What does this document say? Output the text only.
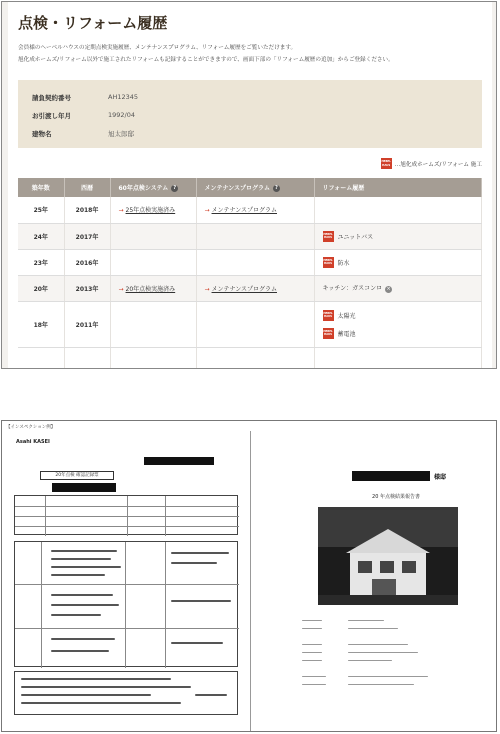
点検・リフォーム履歴
会員様のヘーベルハウスの定期点検実施履歴、メンテナンスプログラム、リフォーム履歴をご覧いただけます。
旭化成ホームズ/リフォーム以外で施工されたリフォームも記録することができますので、画面下部の「リフォーム履歴の追加」からご登録ください。
請負契約番号	AH12345
お引渡し年月	1992/04
建物名	旭太郎邸
HEBEL HAUS …旭化成ホームズ/リフォーム 施工
築年数	西暦	60年点検システム ?	メンテナンスプログラム ?	リフォーム履歴
25年	2018年	→ 25年点検実施済み	→ メンテナンスプログラム	
24年	2017年			HEBEL HAUS ユニットバス

23年	2016年			HEBEL HAUS 防水

20年	2013年	→ 20年点検実施済み	→ メンテナンスプログラム	キッチン：ガスコンロ ×
18年	2011年			HEBEL HAUS 太陽光
HEBEL HAUS 蓄電池

【インスペクション例】
Asahi KASEI
20年点検 確認記録票	様邸
20 年点検結果報告書
